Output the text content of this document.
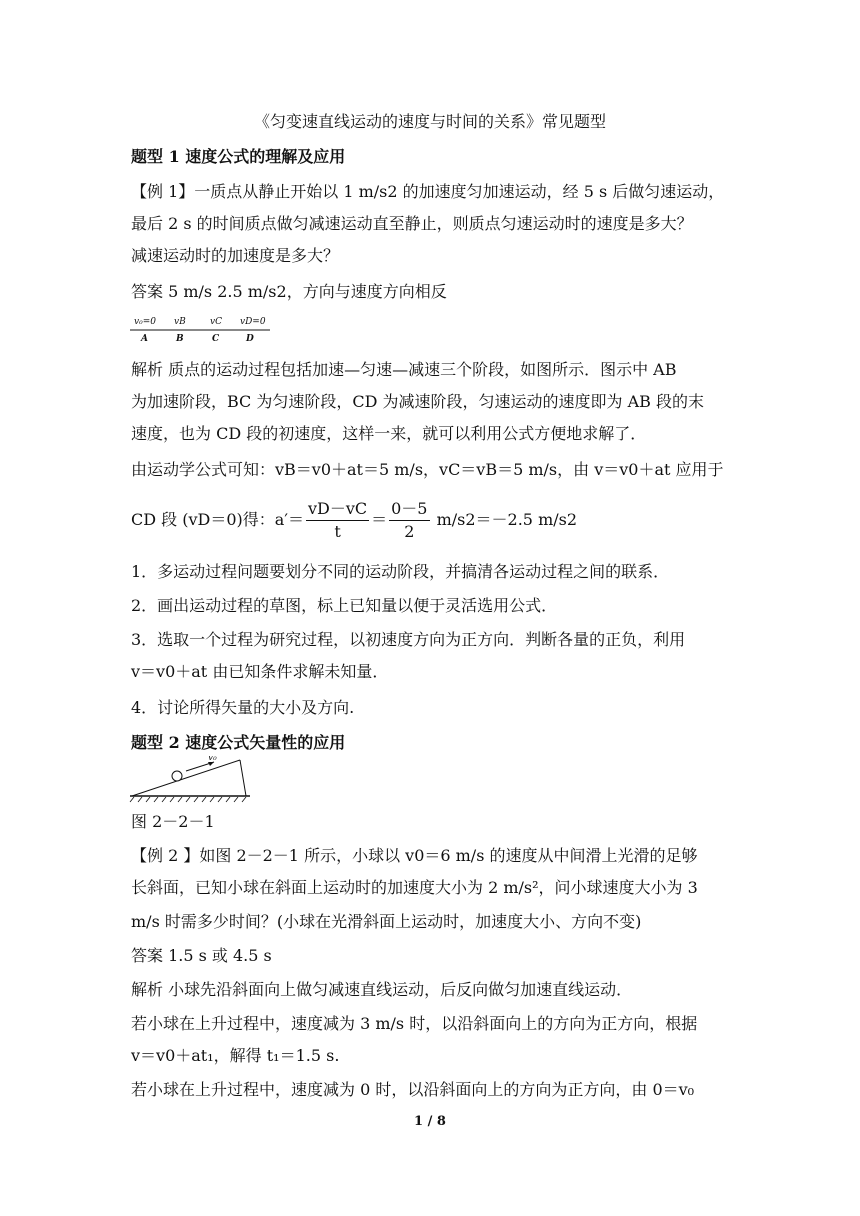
《匀变速直线运动的速度与时间的关系》常见题型
题型 1 速度公式的理解及应用
【例 1】一质点从静止开始以 1 m/s2 的加速度匀加速运动，经 5 s 后做匀速运动，
最后 2 s 的时间质点做匀减速运动直至静止，则质点匀速运动时的速度是多大？
减速运动时的加速度是多大？
答案 5 m/s 2.5 m/s2，方向与速度方向相反
v₀=0 vB	vC vD=0
A	B	C	D
解析 质点的运动过程包括加速—匀速—减速三个阶段，如图所示．图示中 AB
为加速阶段，BC 为匀速阶段，CD 为减速阶段，匀速运动的速度即为 AB 段的末
速度，也为 CD 段的初速度，这样一来，就可以利用公式方便地求解了．
由运动学公式可知：vB＝v0＋at＝5 m/s，vC＝vB＝5 m/s，由 v＝v0＋at 应用于
CD 段 (vD＝0)得：$a'= \frac{vD-vC}{t} = \frac{0-5}{2} m/s2=-2.5$ m/s2
1．多运动过程问题要划分不同的运动阶段，并搞清各运动过程之间的联系．
2．画出运动过程的草图，标上已知量以便于灵活选用公式．
3．选取一个过程为研究过程，以初速度方向为正方向．判断各量的正负，利用
v＝v0＋at 由已知条件求解未知量．
4．讨论所得矢量的大小及方向.
题型 2 速度公式矢量性的应用
v₀
图 2－2－1
【例 2 】如图 2－2－1 所示，小球以 v0＝6 m/s 的速度从中间滑上光滑的足够
长斜面，已知小球在斜面上运动时的加速度大小为 2 m/s²，问小球速度大小为 3
m/s 时需多少时间？(小球在光滑斜面上运动时，加速度大小、方向不变)
答案 1.5 s 或 4.5 s
解析 小球先沿斜面向上做匀减速直线运动，后反向做匀加速直线运动．
若小球在上升过程中，速度减为 3 m/s 时，以沿斜面向上的方向为正方向，根据
v＝v0＋at₁，解得 t₁＝1.5 s.
若小球在上升过程中，速度减为 0 时，以沿斜面向上的方向为正方向，由 0＝v₀
1 / 8
